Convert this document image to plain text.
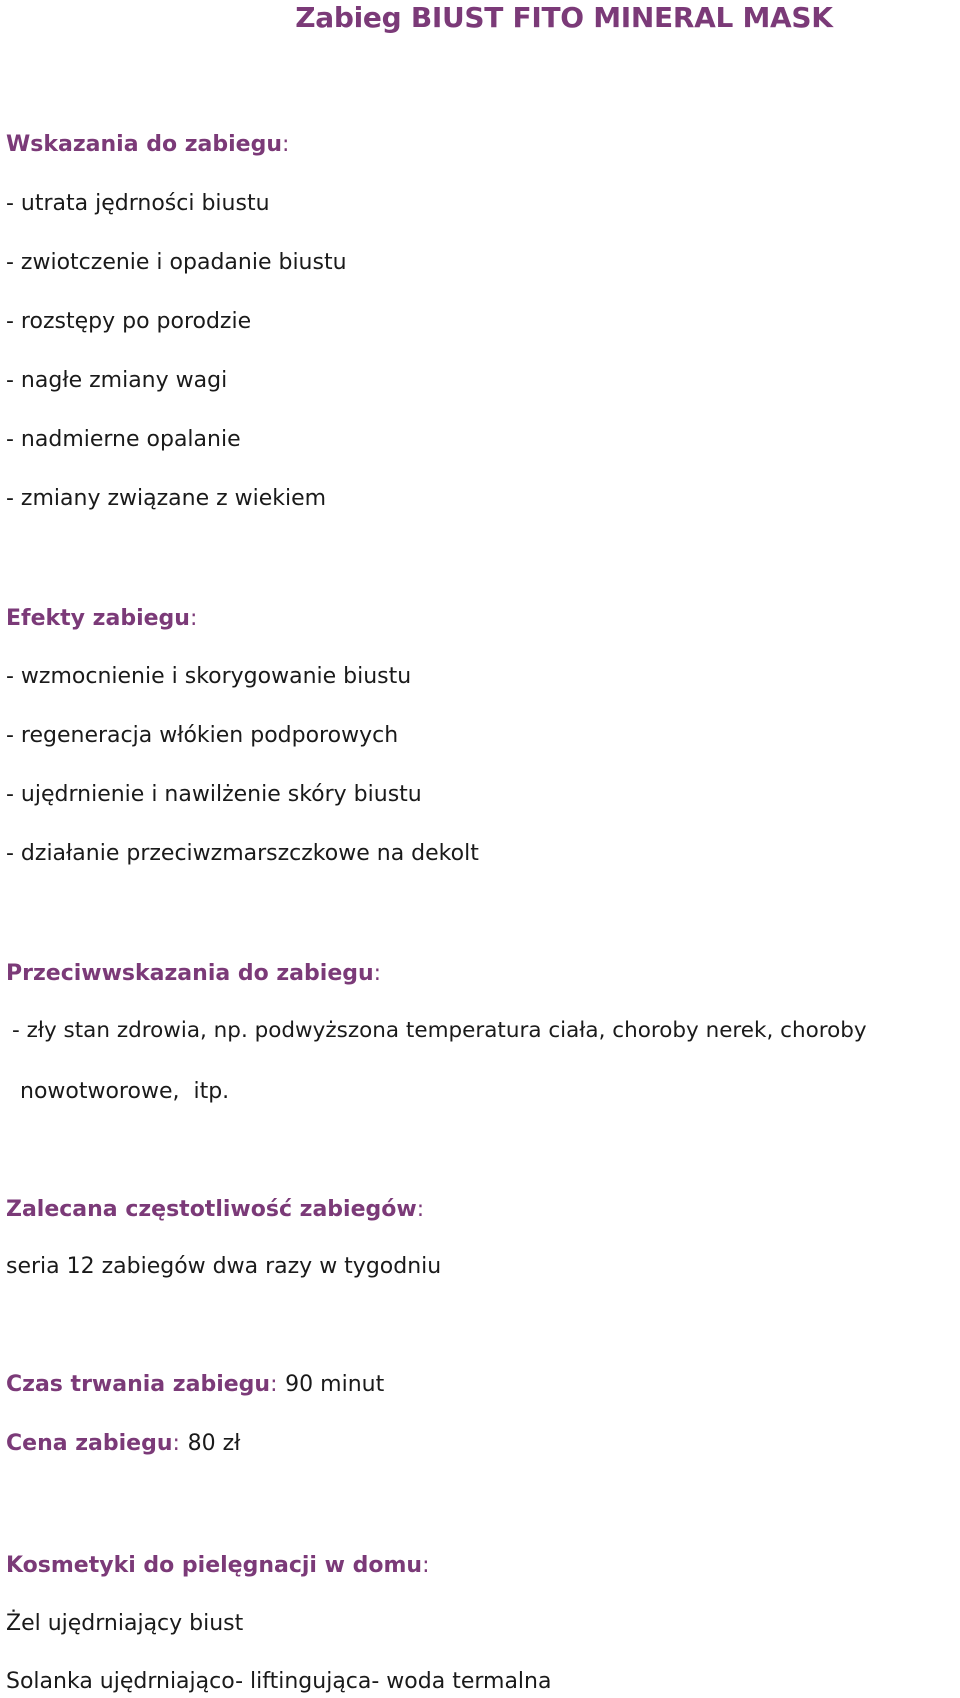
Zabieg BIUST FITO MINERAL MASK
Wskazania do zabiegu:
- utrata jędrności biustu
- zwiotczenie i opadanie biustu
- rozstępy po porodzie
- nagłe zmiany wagi
- nadmierne opalanie
- zmiany związane z wiekiem
Efekty zabiegu:
- wzmocnienie i skorygowanie biustu
- regeneracja włókien podporowych
- ujędrnienie i nawilżenie skóry biustu
- działanie przeciwzmarszczkowe na dekolt
Przeciwwskazania do zabiegu:
- zły stan zdrowia, np. podwyższona temperatura ciała, choroby nerek, choroby
nowotworowe,  itp.
Zalecana częstotliwość zabiegów:
seria 12 zabiegów dwa razy w tygodniu
Czas trwania zabiegu: 90 minut
Cena zabiegu: 80 zł
Kosmetyki do pielęgnacji w domu:
Żel ujędrniający biust
Solanka ujędrniająco- liftingująca- woda termalna
